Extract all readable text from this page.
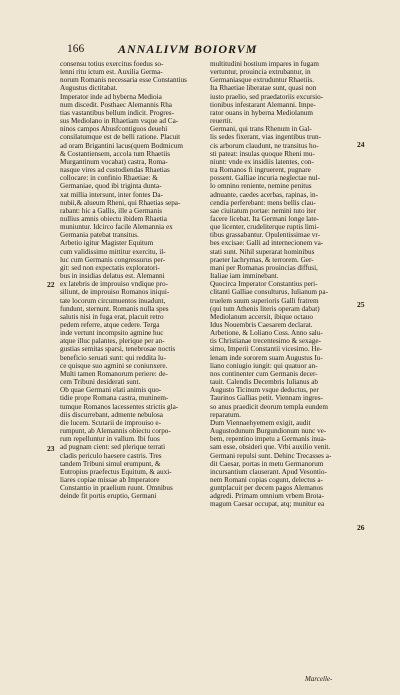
166	ANNALIVM BOIORVM

consensu totius exercitus foedus so-

lenni ritu ictum est. Auxilia Germa-

norum Romanis necessaria esse Constantius

Augustus dictitabat.

Imperator inde ad hyberna Medioia

num discedit. Posthaec Alemannis Rha

tias vastantibus bellum indicit. Progres-

sus Mediolano in Rhaetiam vsque ad Ca-

ninos campos Abusfcontiguos deuehi

consilatumque est de belli ratione. Placuit

ad oram Brigantini lacus(quem Bodmicum

& Costantiensem, accola tum Rhaetiis

Murgantinum vocabat) castra, Roma-

nasque vires ad custodiendas Rhaetias

collocare: in confinio Rhaetiae: &

Germaniae, quod ibi triginta dunta-

xat millia intersunt, inter fontes Da-

nubii,& alueum Rheni, qui Rhaetias sepa-

rabant: hic a Gallis, ille a Germanis

nullius amnis obiectu ibidem Rhaetia

muniuntur. Idcirco facile Alemannia ex

Germania patebat transitus.

Arbetio igitur Magister Equitum

cum validissimo mittitur exercitu, il-

luc cum Germanis congressurus per-

git: sed non expectatis exploratori-

bus in insidias delatus est. Alemanni

ex latebris de improuiso vndique pro-

siliunt, de improuiso Romanos iniqui-

tate locorum circumuentos inuadunt,

fundunt, sternunt. Romanis nulla spes

salutis nisi in fuga erat, placuit retro

pedem referre, atque cedere. Terga

inde vertunt incompsito agmine huc

atque illuc palantes, plerique per an-

gustias semitas sparsi, tenebrosae noctis

beneficio seruati sunt: qui reddita lu-

ce quisque suo agmini se coniunxere.

Multi tamen Romanorum periere: de-

cem Tribuni desiderati sunt.

Ob quae Germani elati animis quo-

tidie prope Romana castra, muninem-

tumque Romanos lacessentes strictis gla-

diis discurrebant, admente nebulosa

die lucem. Scutarii de improuiso e-

rumpunt, ab Alemannis obiectu corpo-

rum repelluntur in vallum. Ibi fuos

ad pugnam cient: sed plerique terrati

cladis periculo haesere castris. Tres

tandem Tribuni simul erumpunt, &

Eutropius praefectus Equitum, & auxi-

liares copiae missae ab Imperatore

Constantio in praelium ruunt. Omnibus

deinde fit portis eruptio, Germani

multitudini hostium impares in fugam

vertuntur, prouincia extrubantur, in

Germaniasque extruduntur Rhaetiis.

Ita Rhaetiae liberatae sunt, quasi non

iusto praelio, sed praedatoriis excursio-

tionibus infestarant Alemanni. Impe-

rator ouans in hyberna Mediolanum

reuertit.

Germani, qui trans Rhenum in Gal-

lis sedes fixerant, vias ingentibus trun-

cis arborum claudunt, ne transitus ho-

sti pateat: insulas quoque Rheni mu-

niunt: vnde ex insidiis latentes, con-

tra Romanos fi ingruerent, pugnare

possent. Galliae incuria neglectae nul-

lo omnino reniente, nemine penitus

adnuante, caedes acerbas, rapinas, in-

cendia perferebant: mens bellis clau-

sae ciuitatum portae: nemini tuto iter

facere licebat. Ita Germani longe late-

que licenter, crudeliterque ruptis limi-

tibus grassabantur. Opulentissimae vr-

bes excisae: Galli ad internecionem va-

stati sunt. Nihil superarat hominibus

praeter lachrymas, & terrorem. Ger-

mani per Romanas prouincias diffusi,

Italiae iam imminebant.

Quocirca Imperator Constantius peri-

clitanti Galliae consulturus, Iulianum pa-

truelem suum superioris Galli fratrem

(qui tum Athenis literis operam dabat)

Mediolanum accersit, ibique octauo

Idus Nouembris Caesarem declarat.

Arbetione, & Loliano Coss. Anno salu-

tis Christianae trecentesimo & sexage-

simo, Imperii Constantii vicesimo. He-

lenam inde sororem suam Augustus Iu-

liano coniugio iungit: qui quatuor an-

nos continenter cum Germanis decer-

tauit. Calendis Decembris Iulianus ab

Augusto Ticinum vsque deductus, per

Taurinos Gallias petit. Viennam ingres-

so anus praedicit deorum templa eundem

reparatum.

Dum Viennaehyemem exigit, audit

Augustodunum Burgundionum nunc ve-

bem, repentino impetu a Germanis inua-

sam esse, obsideri que. Vrbi auxilio venit.

Germani repulsi sunt. Dehinc Trecasses a-

dit Caesar, portas in metu Germanorum

incursantium clauserant. Apud Vesontio-

nem Romani copias cogunt, delectus a-

guntplacuit per decem pagos Alemanos

adgredi. Primam omnium vrbem Brota-

magum Caesar occupat, atq; munitur ea

22
23
24
25
26
Marcelle-
